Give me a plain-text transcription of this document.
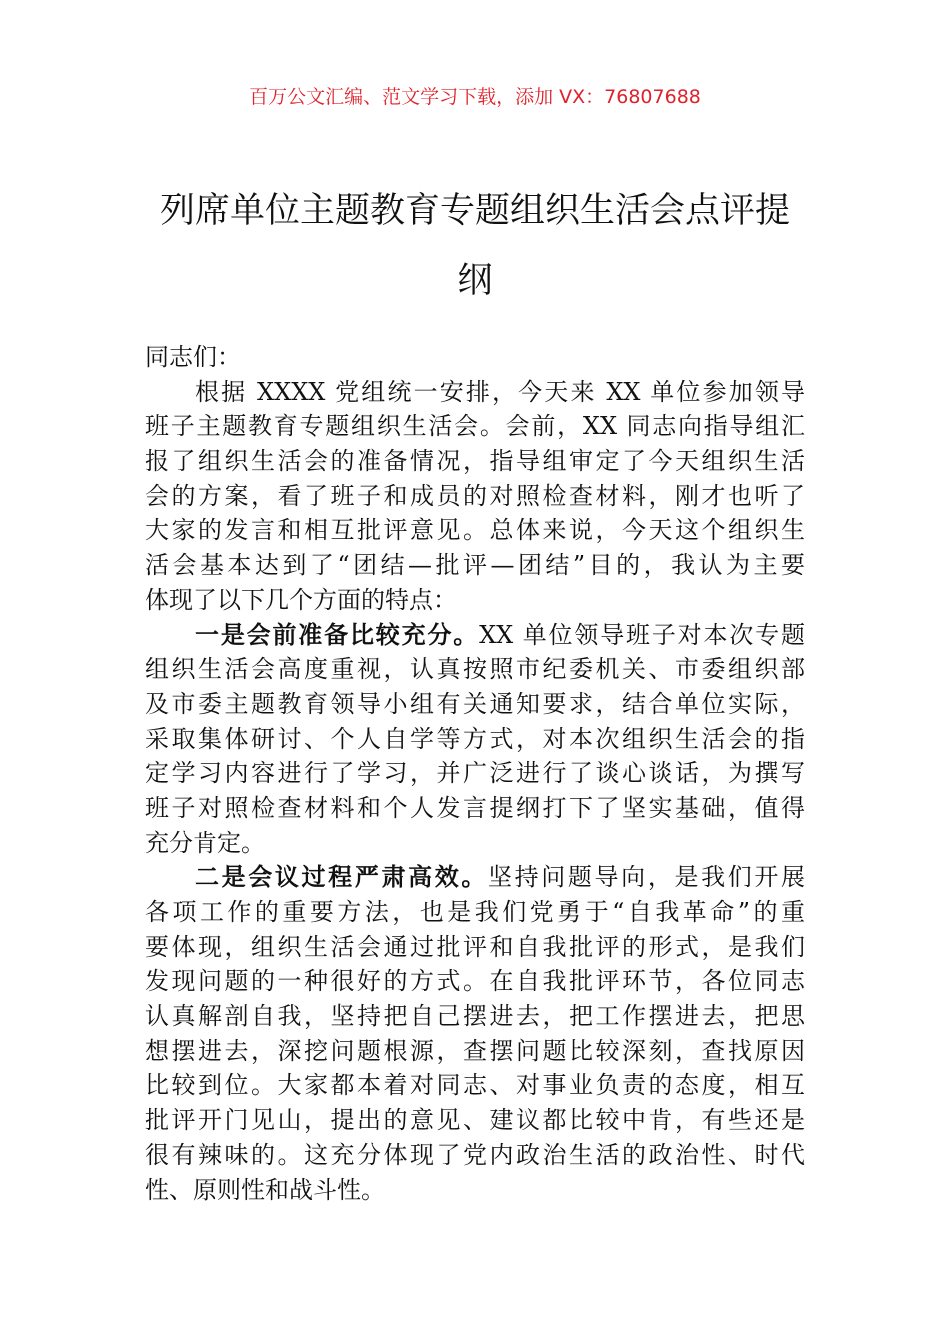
百万公文汇编、范文学习下载，添加 VX：76807688
列席单位主题教育专题组织生活会点评提
纲
同志们：
根据 XXXX 党组统一安排，今天来 XX 单位参加领导
班子主题教育专题组织生活会。会前，XX 同志向指导组汇
报了组织生活会的准备情况，指导组审定了今天组织生活
会的方案，看了班子和成员的对照检查材料，刚才也听了
大家的发言和相互批评意见。总体来说，今天这个组织生
活会基本达到了“团结—批评—团结”目的，我认为主要
体现了以下几个方面的特点：
一是会前准备比较充分。XX 单位领导班子对本次专题
组织生活会高度重视，认真按照市纪委机关、市委组织部
及市委主题教育领导小组有关通知要求，结合单位实际，
采取集体研讨、个人自学等方式，对本次组织生活会的指
定学习内容进行了学习，并广泛进行了谈心谈话，为撰写
班子对照检查材料和个人发言提纲打下了坚实基础，值得
充分肯定。
二是会议过程严肃高效。坚持问题导向，是我们开展
各项工作的重要方法，也是我们党勇于“自我革命”的重
要体现，组织生活会通过批评和自我批评的形式，是我们
发现问题的一种很好的方式。在自我批评环节，各位同志
认真解剖自我，坚持把自己摆进去，把工作摆进去，把思
想摆进去，深挖问题根源，查摆问题比较深刻，查找原因
比较到位。大家都本着对同志、对事业负责的态度，相互
批评开门见山，提出的意见、建议都比较中肯，有些还是
很有辣味的。这充分体现了党内政治生活的政治性、时代
性、原则性和战斗性。
